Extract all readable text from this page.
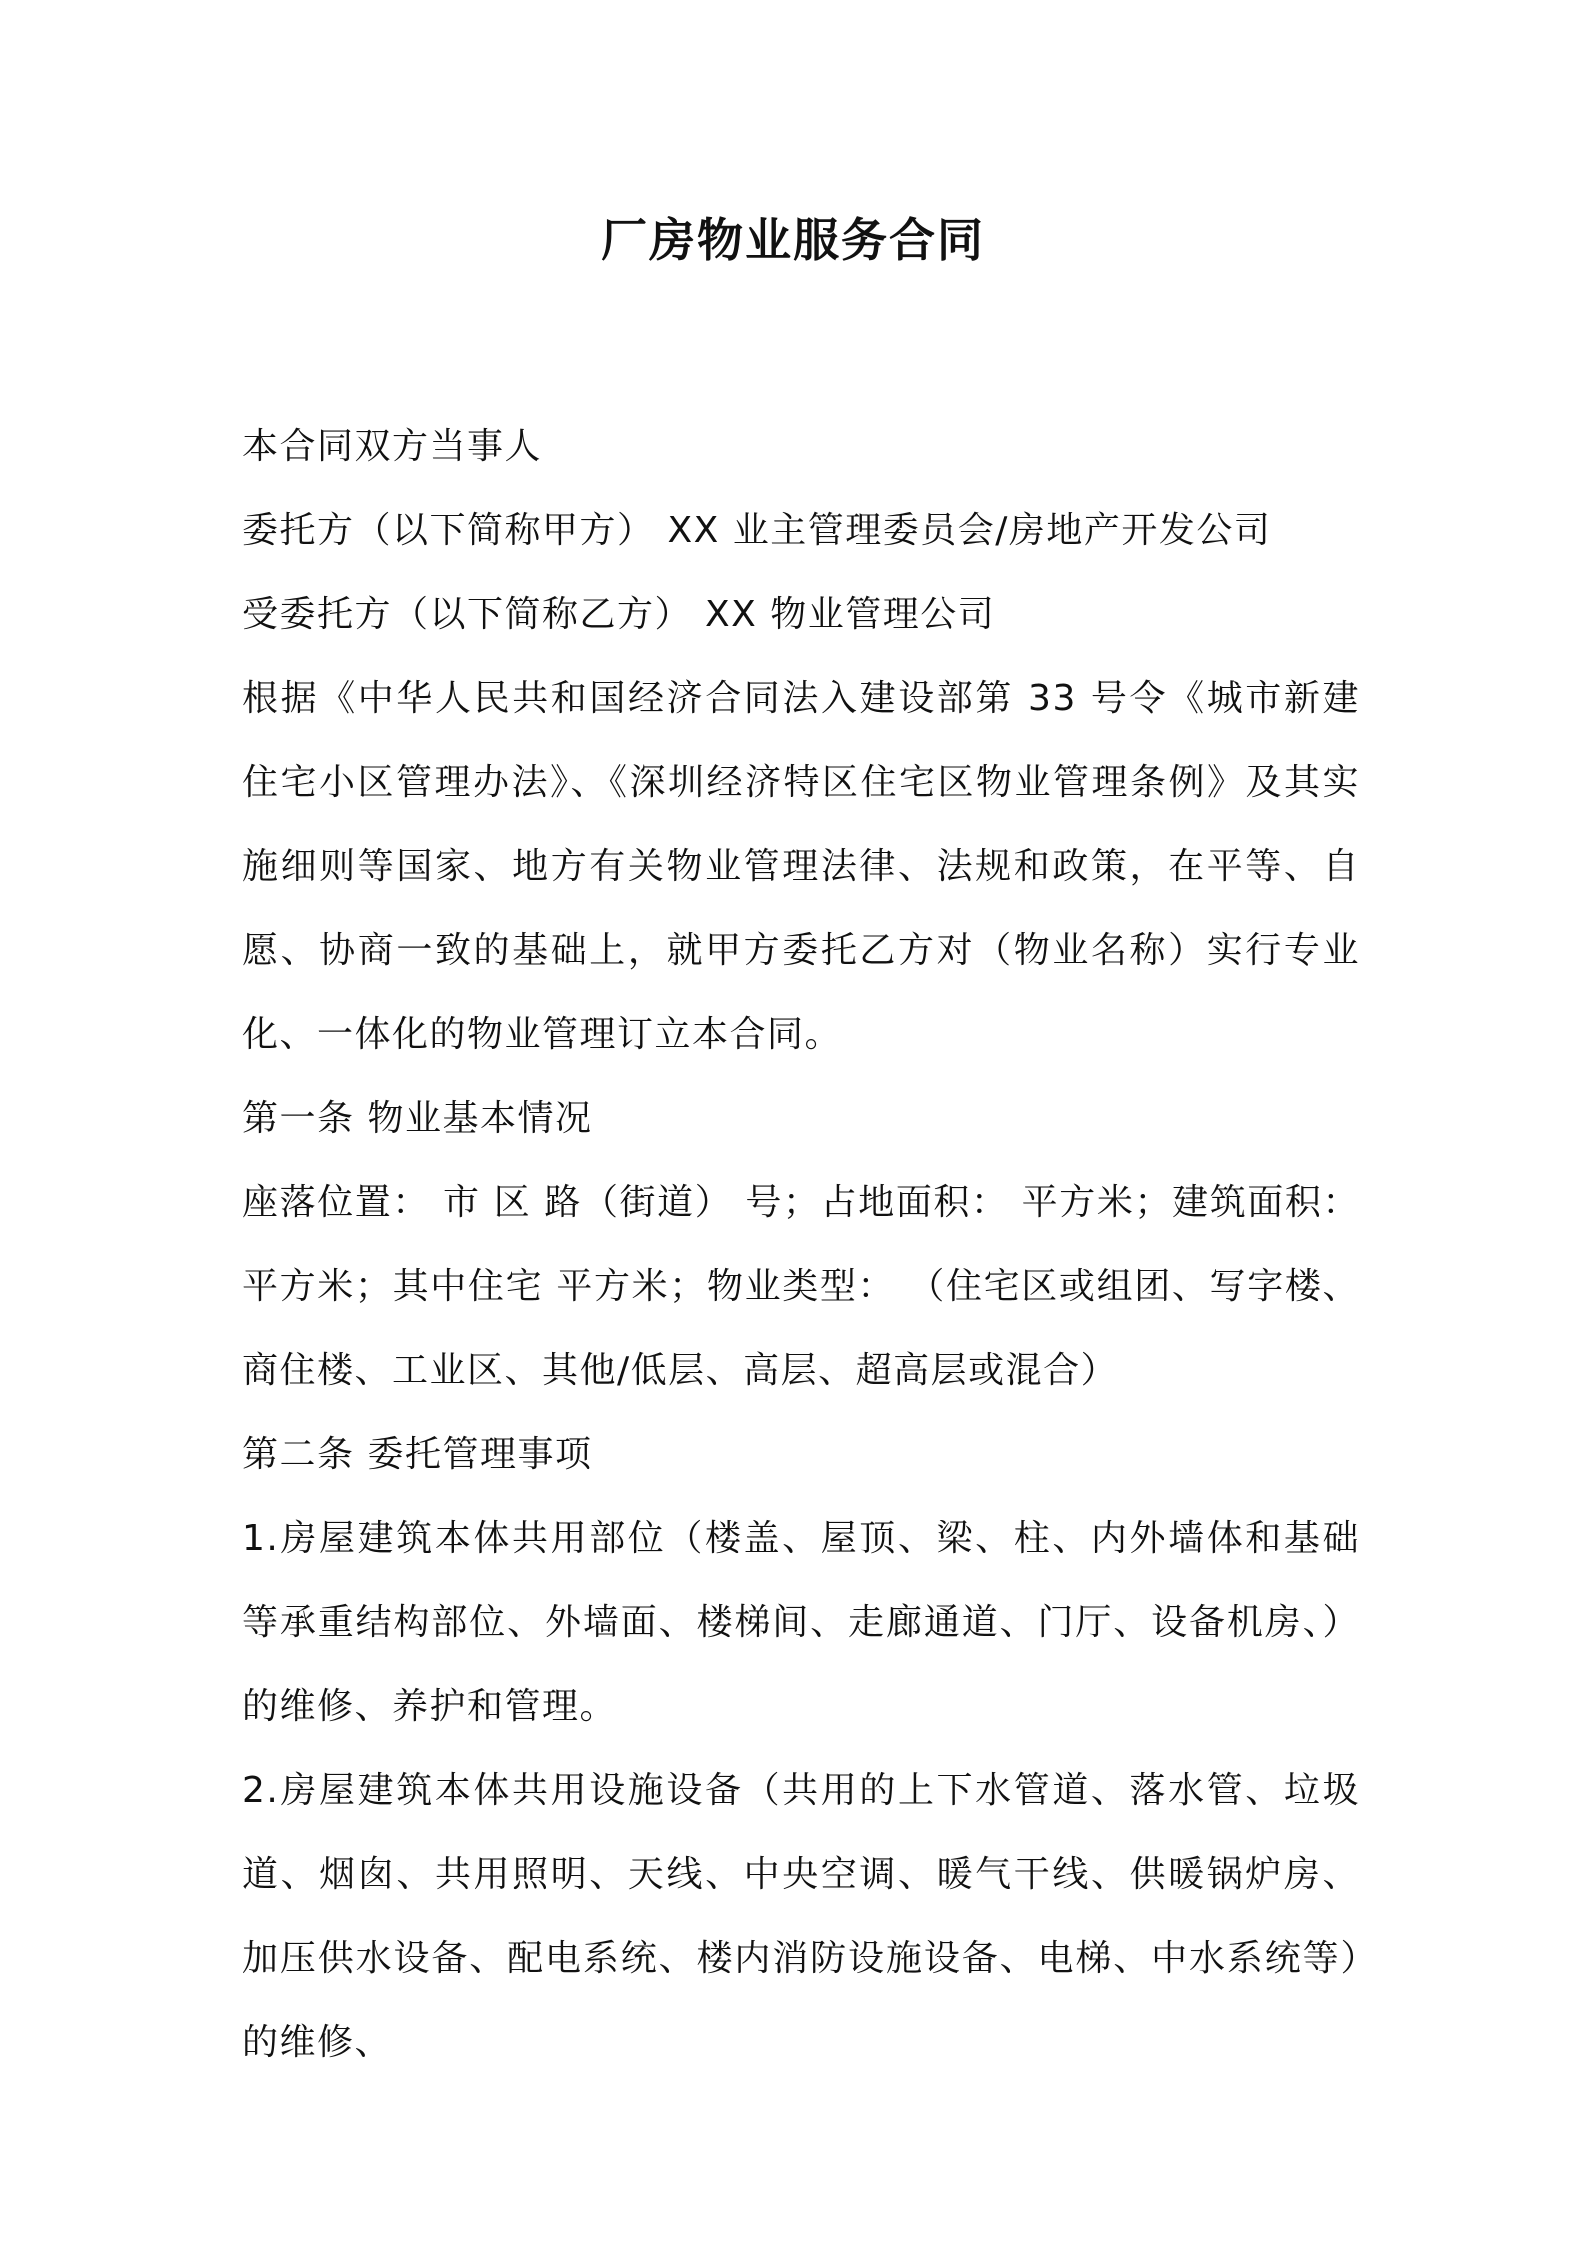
厂房物业服务合同

本合同双方当事人

委托方（以下简称甲方） XX 业主管理委员会/房地产开发公司

受委托方（以下简称乙方） XX 物业管理公司

根据《中华人民共和国经济合同法入建设部第 33 号令《城市新建住宅小区管理办法》、《深圳经济特区住宅区物业管理条例》及其实施细则等国家、地方有关物业管理法律、法规和政策，在平等、自愿、协商一致的基础上，就甲方委托乙方对（物业名称）实行专业化、一体化的物业管理订立本合同。

第一条 物业基本情况

座落位置： 市 区 路（街道） 号；占地面积： 平方米；建筑面积： 平方米；其中住宅 平方米；物业类型： （住宅区或组团、写字楼、商住楼、工业区、其他/低层、高层、超高层或混合）

第二条 委托管理事项

1.房屋建筑本体共用部位（楼盖、屋顶、梁、柱、内外墙体和基础等承重结构部位、外墙面、楼梯间、走廊通道、门厅、设备机房、）的维修、养护和管理。

2.房屋建筑本体共用设施设备（共用的上下水管道、落水管、垃圾道、烟囱、共用照明、天线、中央空调、暖气干线、供暖锅炉房、加压供水设备、配电系统、楼内消防设施设备、电梯、中水系统等）的维修、
